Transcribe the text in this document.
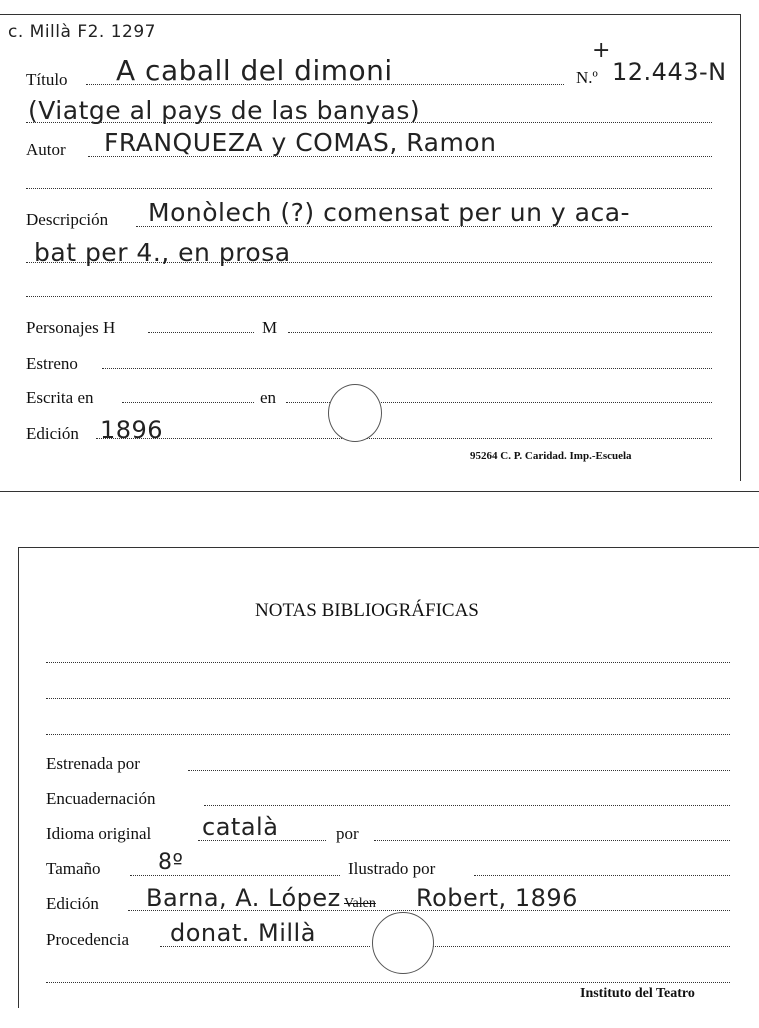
c. Millà F2. 1297
+
Título A caball del dimoni	N.º 12.443-N
(Viatge al pays de las banyas)
Autor FRANQUEZA y COMAS, Ramon
Descripción Monòlech (?) comensat per un y aca-
bat per 4., en prosa
Personajes H	M
Estreno
Escrita en	en
Edición 1896
95264 C. P. Caridad. Imp.-Escuela
NOTAS BIBLIOGRÁFICAS
Estrenada por
Encuadernación
Idioma original català	por
Tamaño	8º	Ilustrado por
Edición Barna, A. López Valen Robert, 1896
Procedencia donat. Millà
Instituto del Teatro
